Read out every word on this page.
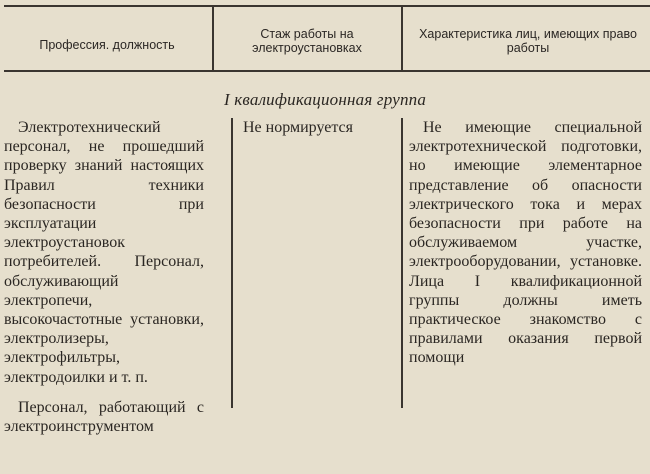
Профессия. должность
Стаж работы на электроустановках
Характеристика лиц, имеющих право работы
I квалификационная группа

Электротехнический персонал, не прошедший проверку знаний настоящих Правил техники безопасности при эксплуатации электроустановок потребителей. Персонал, обслуживающий электропечи, высокочастотные установки, электролизеры, электрофильтры, электродоилки и т. п.

Персонал, работающий с электроинструментом

Не нормируется	Не имеющие специальной электротехнической подготовки, но имеющие элементарное представление об опасности электрического тока и мерах безопасности при работе на обслуживаемом участке, электрооборудовании, установке. Лица I квалификационной группы должны иметь практическое знакомство с правилами оказания первой помощи
